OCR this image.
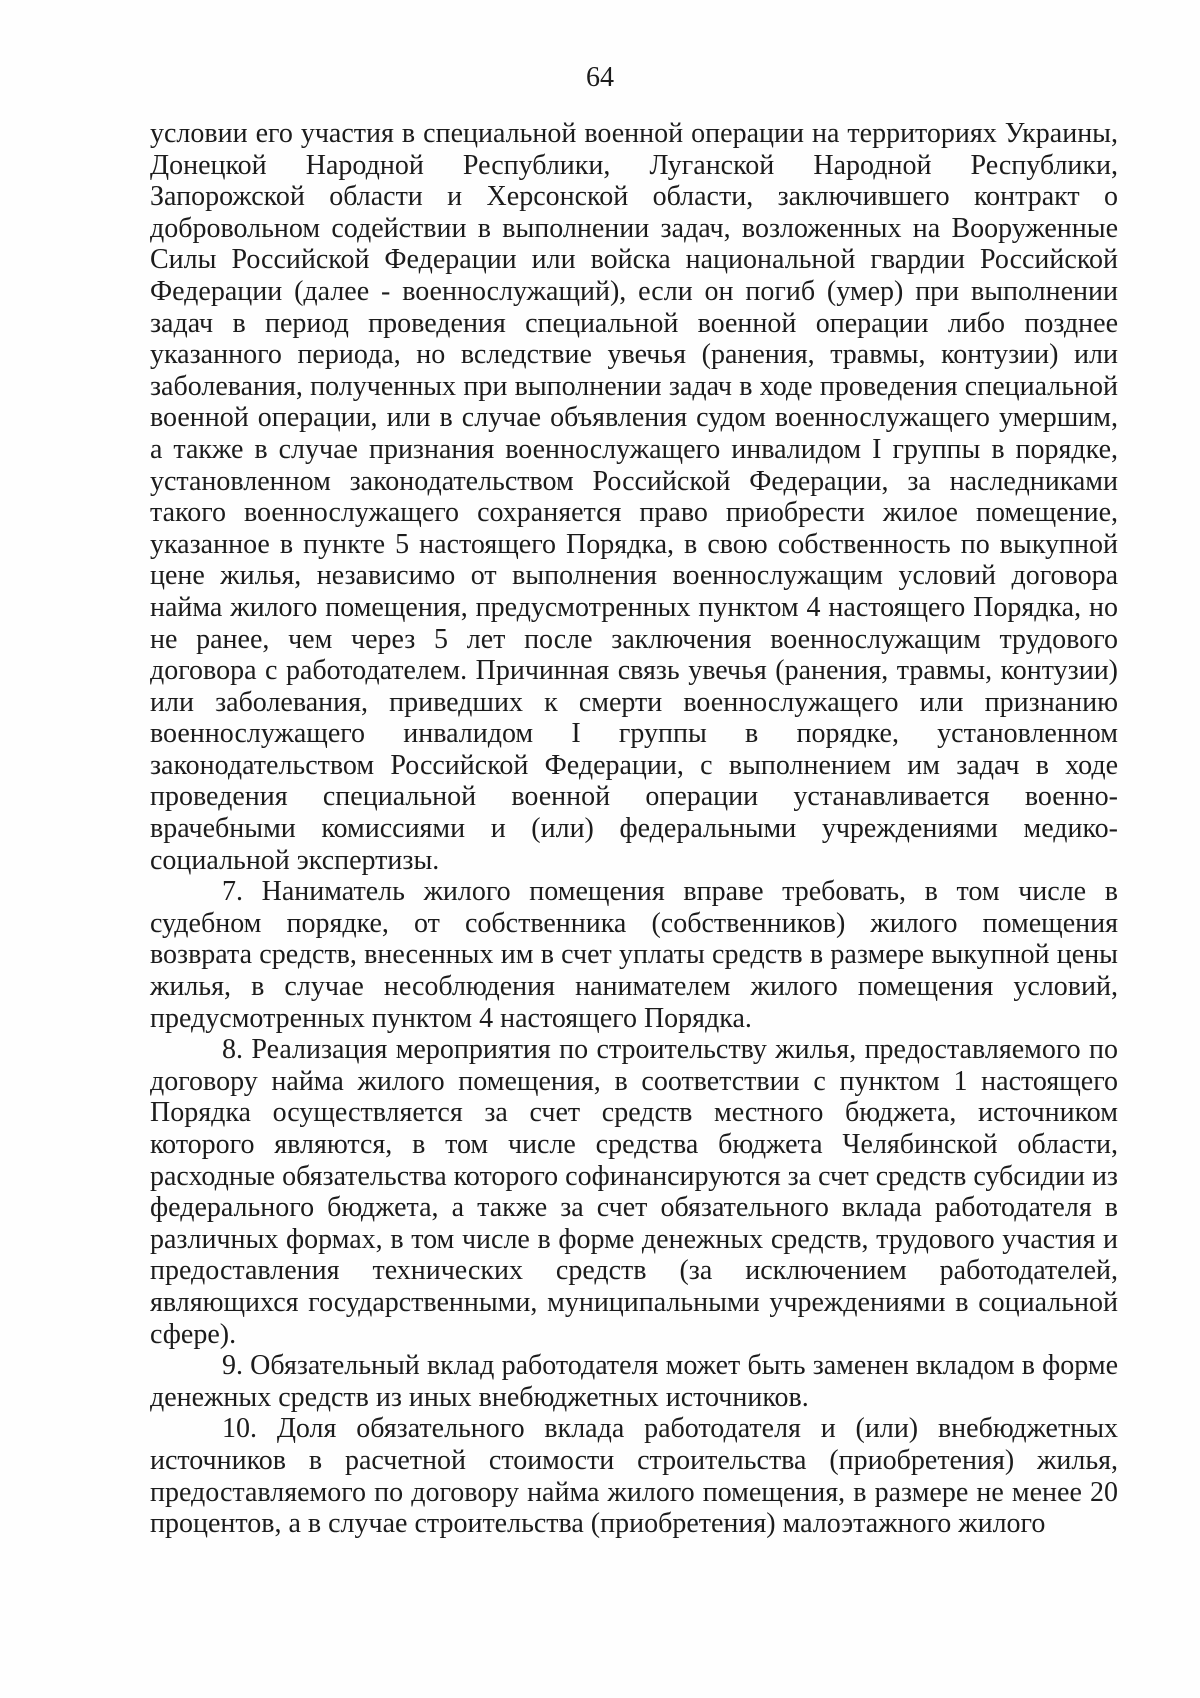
64

условии его участия в специальной военной операции на территориях Украины, Донецкой Народной Республики, Луганской Народной Республики, Запорожской области и Херсонской области, заключившего контракт о добровольном содействии в выполнении задач, возложенных на Вооруженные Силы Российской Федерации или войска национальной гвардии Российской Федерации (далее - военнослужащий), если он погиб (умер) при выполнении задач в период проведения специальной военной операции либо позднее указанного периода, но вследствие увечья (ранения, травмы, контузии) или заболевания, полученных при выполнении задач в ходе проведения специальной военной операции, или в случае объявления судом военнослужащего умершим, а также в случае признания военнослужащего инвалидом I группы в порядке, установленном законодательством Российской Федерации, за наследниками такого военнослужащего сохраняется право приобрести жилое помещение, указанное в пункте 5 настоящего Порядка, в свою собственность по выкупной цене жилья, независимо от выполнения военнослужащим условий договора найма жилого помещения, предусмотренных пунктом 4 настоящего Порядка, но не ранее, чем через 5 лет после заключения военнослужащим трудового договора с работодателем. Причинная связь увечья (ранения, травмы, контузии) или заболевания, приведших к смерти военнослужащего или признанию военнослужащего инвалидом I группы в порядке, установленном законодательством Российской Федерации, с выполнением им задач в ходе проведения специальной военной операции устанавливается военно-врачебными комиссиями и (или) федеральными учреждениями медико-социальной экспертизы.

7. Наниматель жилого помещения вправе требовать, в том числе в судебном порядке, от собственника (собственников) жилого помещения возврата средств, внесенных им в счет уплаты средств в размере выкупной цены жилья, в случае несоблюдения нанимателем жилого помещения условий, предусмотренных пунктом 4 настоящего Порядка.

8. Реализация мероприятия по строительству жилья, предоставляемого по договору найма жилого помещения, в соответствии с пунктом 1 настоящего Порядка осуществляется за счет средств местного бюджета, источником которого являются, в том числе средства бюджета Челябинской области, расходные обязательства которого софинансируются за счет средств субсидии из федерального бюджета, а также за счет обязательного вклада работодателя в различных формах, в том числе в форме денежных средств, трудового участия и предоставления технических средств (за исключением работодателей, являющихся государственными, муниципальными учреждениями в социальной сфере).

9. Обязательный вклад работодателя может быть заменен вкладом в форме денежных средств из иных внебюджетных источников.

10. Доля обязательного вклада работодателя и (или) внебюджетных источников в расчетной стоимости строительства (приобретения) жилья, предоставляемого по договору найма жилого помещения, в размере не менее 20 процентов, а в случае строительства (приобретения) малоэтажного жилого
